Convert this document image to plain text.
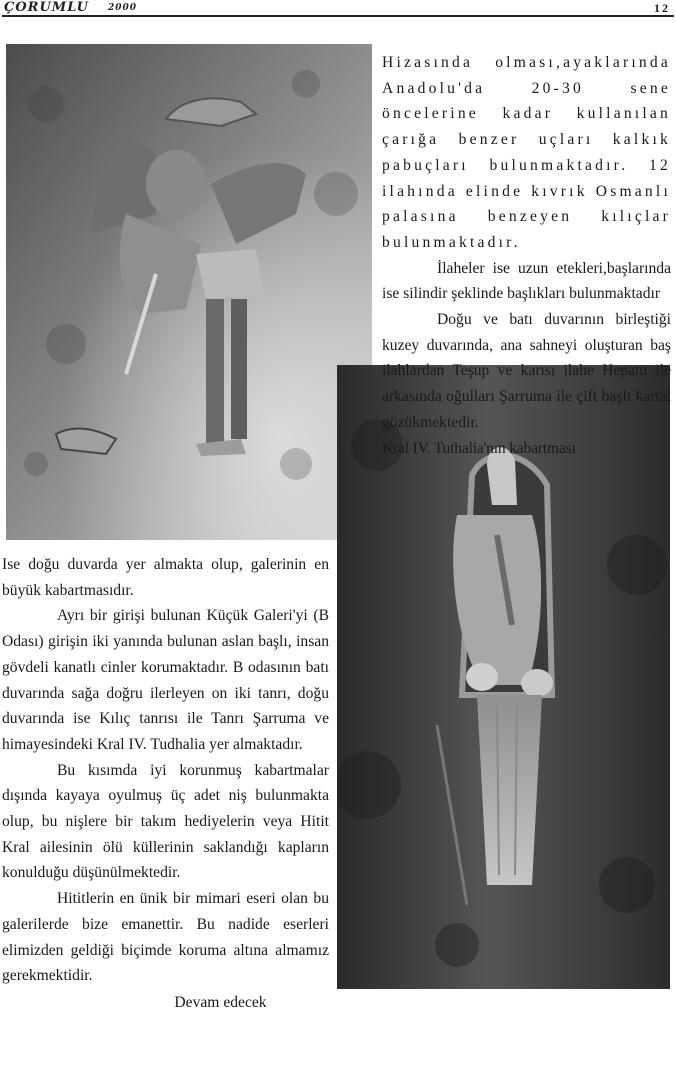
ÇORUMLU 2000	12

Hizasında olması,ayaklarında Anadolu'da 20-30 sene öncelerine kadar kullanılan çarığa benzer uçları kalkık pabuçları bulunmaktadır. 12 ilahında elinde kıvrık Osmanlı palasına benzeyen kılıçlar bulunmaktadır.

İlaheler ise uzun etekleri,başlarında ise silindir şeklinde başlıkları bulunmaktadır

Doğu ve batı duvarının birleştiği kuzey duvarında, ana sahneyi oluşturan baş ilahlardan Teşup ve karısı ilahe Hepatu ile arkasında oğulları Şarruma ile çift başlı kartal gözükmektedir.

Kral IV. Tuthalia'nın kabartması

Ise doğu duvarda yer almakta olup, galerinin en büyük kabartmasıdır.

Ayrı bir girişi bulunan Küçük Galeri'yi (B Odası) girişin iki yanında bulunan aslan başlı, insan gövdeli kanatlı cinler korumaktadır. B odasının batı duvarında sağa doğru ilerleyen on iki tanrı, doğu duvarında ise Kılıç tanrısı ile Tanrı Şarruma ve himayesindeki Kral IV. Tudhalia yer almaktadır.

Bu kısımda iyi korunmuş kabartmalar dışında kayaya oyulmuş üç adet niş bulunmakta olup, bu nişlere bir takım hediyelerin veya Hitit Kral ailesinin ölü küllerinin saklandığı kapların konulduğu düşünülmektedir.

Hititlerin en ünik bir mimari eseri olan bu galerilerde bize emanettir. Bu nadide eserleri elimizden geldiği biçimde koruma altına almamız gerekmektidir.

Devam edecek
